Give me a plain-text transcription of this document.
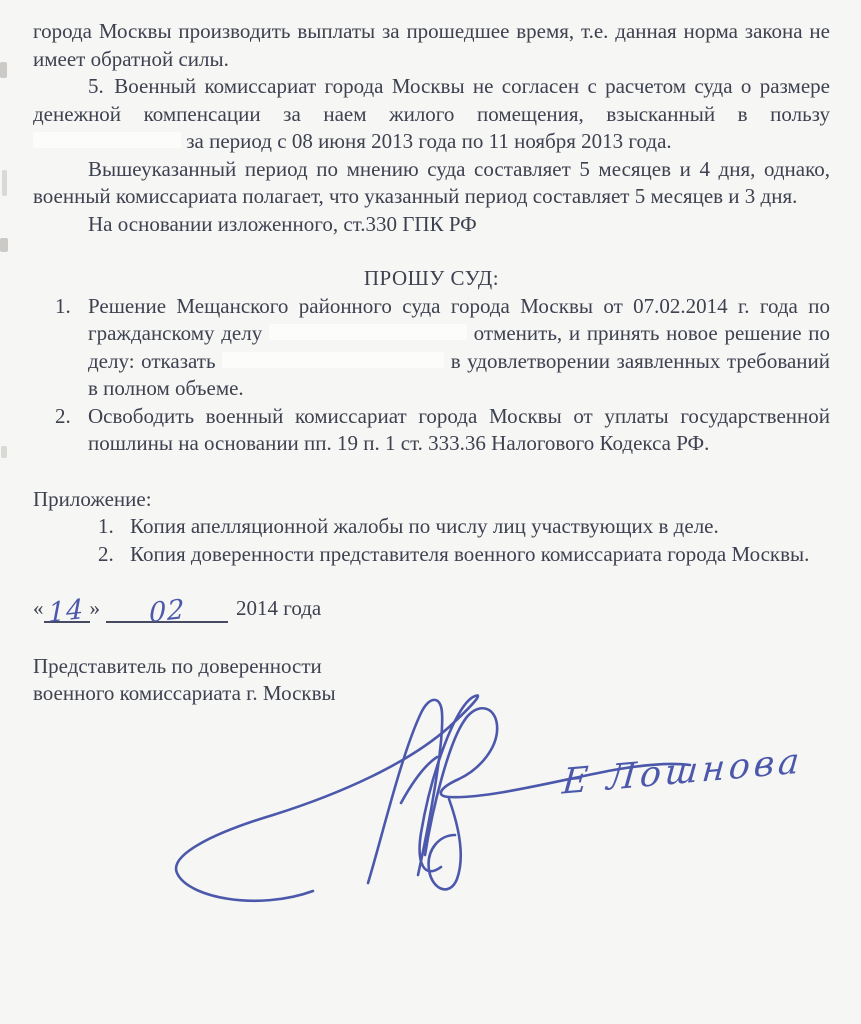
города Москвы производить выплаты за прошедшее время, т.е. данная норма закона не имеет обратной силы.

5.  Военный комиссариат города Москвы не согласен с расчетом суда о размере денежной компенсации за наем жилого помещения, взысканный в пользу  за период с 08 июня 2013 года по 11 ноября 2013 года.

Вышеуказанный период по мнению суда составляет 5 месяцев и 4 дня, однако, военный комиссариата полагает, что указанный период составляет 5 месяцев и 3 дня.

На основании изложенного, ст.330 ГПК РФ

ПРОШУ СУД:

1. Решение Мещанского районного суда города Москвы от 07.02.2014 г. года по гражданскому делу	отменить, и принять новое решение по делу: отказать	в удовлетворении заявленных требований в полном объеме.
2. Освободить военный комиссариат города Москвы от уплаты государственной пошлины на основании пп. 19 п. 1 ст. 333.36 Налогового Кодекса РФ.

Приложение:

1. Копия апелляционной жалобы по числу лиц участвующих в деле.
2. Копия доверенности представителя военного комиссариата города Москвы.

« 14 » 02 2014 года

Представитель по доверенности

военного комиссариата г. Москвы

Е Лошнова
